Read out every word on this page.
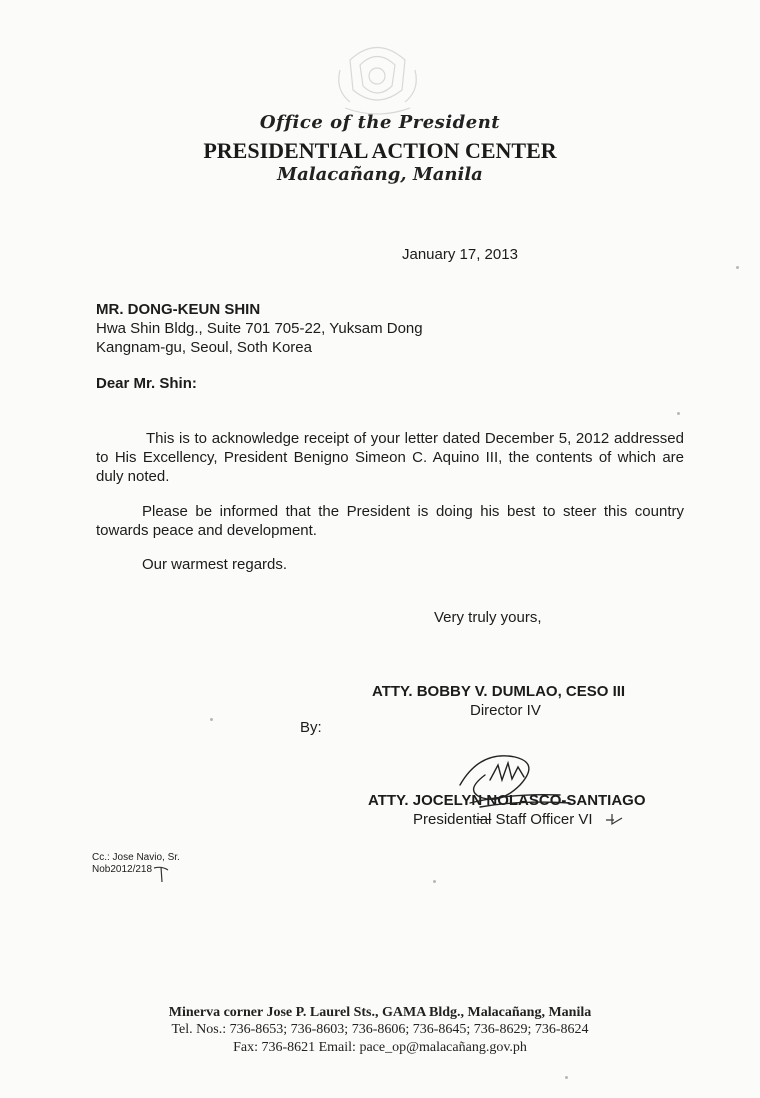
Office of the President
PRESIDENTIAL ACTION CENTER
Malacañang, Manila
January 17, 2013
MR. DONG-KEUN SHIN
Hwa Shin Bldg., Suite 701 705-22, Yuksam Dong
Kangnam-gu, Seoul, Soth Korea
Dear Mr. Shin:

This is to acknowledge receipt of your letter dated December 5, 2012 addressed to His Excellency, President Benigno Simeon C. Aquino III, the contents of which are duly noted.

Please be informed that the President is doing his best to steer this country towards peace and development.

Our warmest regards.
Very truly yours,
ATTY. BOBBY V. DUMLAO, CESO III
Director IV
By:
ATTY. JOCELYN NOLASCO-SANTIAGO
Presidential Staff Officer VI
Cc.: Jose Navio, Sr.
Nob2012/218
Minerva corner Jose P. Laurel Sts., GAMA Bldg., Malacañang, Manila
Tel. Nos.: 736-8653; 736-8603; 736-8606; 736-8645; 736-8629; 736-8624
Fax: 736-8621 Email: pace_op@malacañang.gov.ph
